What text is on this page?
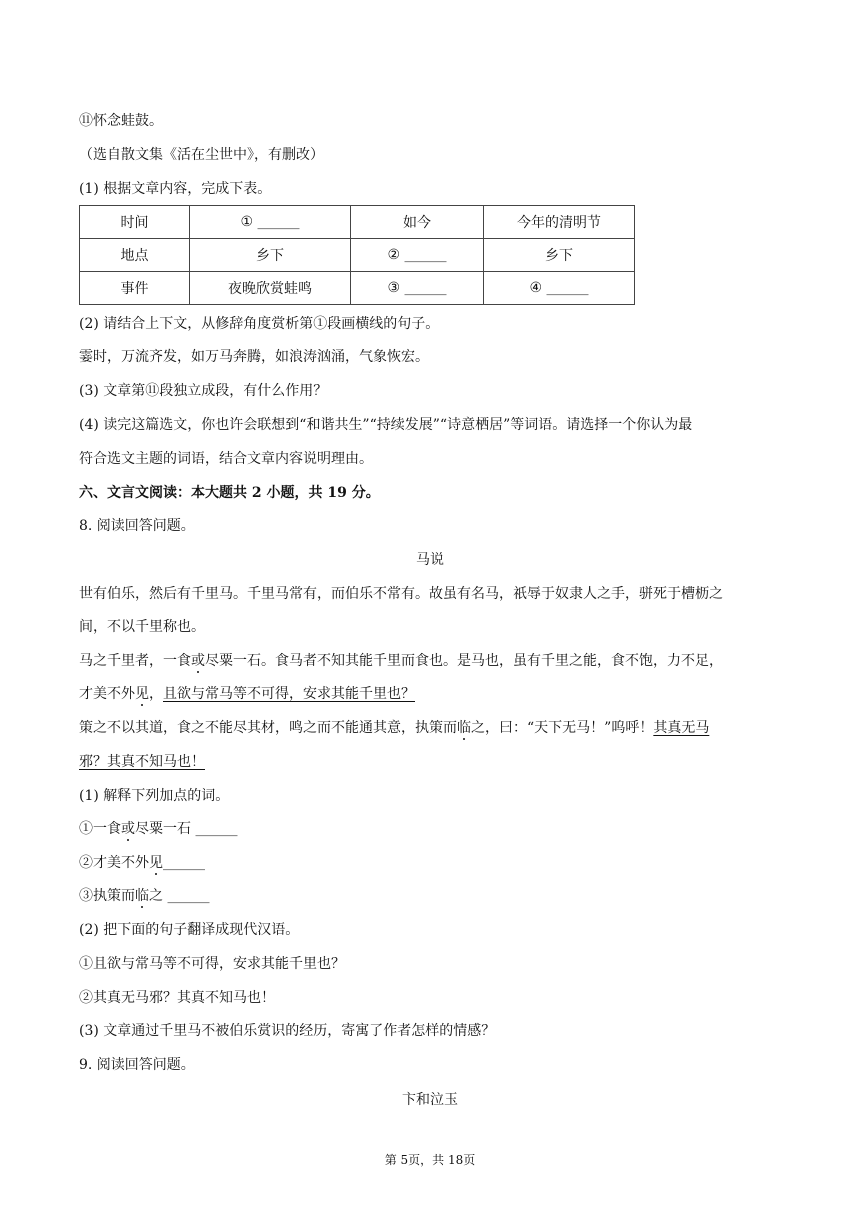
⑪怀念蛙鼓。
（选自散文集《活在尘世中》，有删改）
(1) 根据文章内容，完成下表。
时间	① ______	如今	今年的清明节
地点	乡下	② ______	乡下
事件	夜晚欣赏蛙鸣	③ ______	④ ______
(2) 请结合上下文，从修辞角度赏析第①段画横线的句子。
霎时，万流齐发，如万马奔腾，如浪涛汹涌，气象恢宏。
(3) 文章第⑪段独立成段，有什么作用？
(4) 读完这篇选文，你也许会联想到“和谐共生”“持续发展”“诗意栖居”等词语。请选择一个你认为最
符合选文主题的词语，结合文章内容说明理由。
六、文言文阅读：本大题共 2 小题，共 19 分。
8. 阅读回答问题。
马说
世有伯乐，然后有千里马。千里马常有，而伯乐不常有。故虽有名马，祇辱于奴隶人之手，骈死于槽枥之
间，不以千里称也。
马之千里者，一食或尽粟一石。食马者不知其能千里而食也。是马也，虽有千里之能，食不饱，力不足，
才美不外见，且欲与常马等不可得，安求其能千里也？
策之不以其道，食之不能尽其材，鸣之而不能通其意，执策而临之，曰：“天下无马！”呜呼！其真无马
邪？其真不知马也！
(1) 解释下列加点的词。
①一食或尽粟一石 ______
②才美不外见______
③执策而临之 ______
(2) 把下面的句子翻译成现代汉语。
①且欲与常马等不可得，安求其能千里也？
②其真无马邪？其真不知马也！
(3) 文章通过千里马不被伯乐赏识的经历，寄寓了作者怎样的情感？
9. 阅读回答问题。
卞和泣玉
第 5页，共 18页
